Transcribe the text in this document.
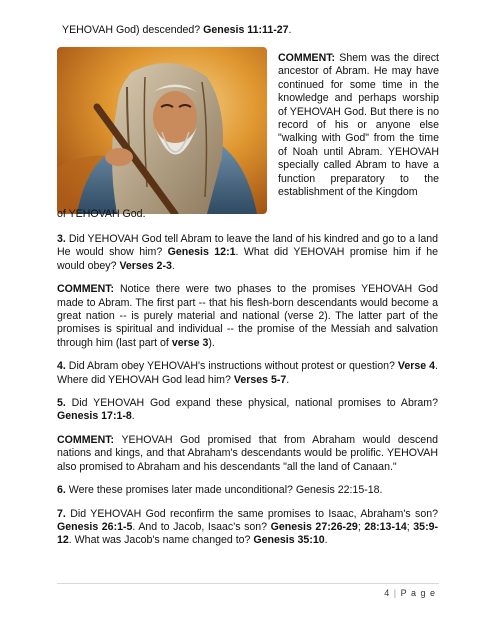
YEHOVAH God) descended? Genesis 11:11-27.
COMMENT: Shem was the direct ancestor of Abram. He may have continued for some time in the knowledge and perhaps worship of YEHOVAH God. But there is no record of his or anyone else "walking with God" from the time of Noah until Abram. YEHOVAH specially called Abram to have a function preparatory to the establishment of the Kingdom
of YEHOVAH God.

3. Did YEHOVAH God tell Abram to leave the land of his kindred and go to a land He would show him? Genesis 12:1. What did YEHOVAH promise him if he would obey? Verses 2-3.

COMMENT: Notice there were two phases to the promises YEHOVAH God made to Abram. The first part -- that his flesh-born descendants would become a great nation -- is purely material and national (verse 2). The latter part of the promises is spiritual and individual -- the promise of the Messiah and salvation through him (last part of verse 3).

4. Did Abram obey YEHOVAH's instructions without protest or question? Verse 4. Where did YEHOVAH God lead him? Verses 5-7.

5. Did YEHOVAH God expand these physical, national promises to Abram? Genesis 17:1-8.

COMMENT: YEHOVAH God promised that from Abraham would descend nations and kings, and that Abraham's descendants would be prolific. YEHOVAH also promised to Abraham and his descendants "all the land of Canaan."

6. Were these promises later made unconditional? Genesis 22:15-18.

7. Did YEHOVAH God reconfirm the same promises to Isaac, Abraham's son? Genesis 26:1-5. And to Jacob, Isaac's son? Genesis 27:26-29; 28:13-14; 35:9-12. What was Jacob's name changed to? Genesis 35:10.

4 | P a g e
